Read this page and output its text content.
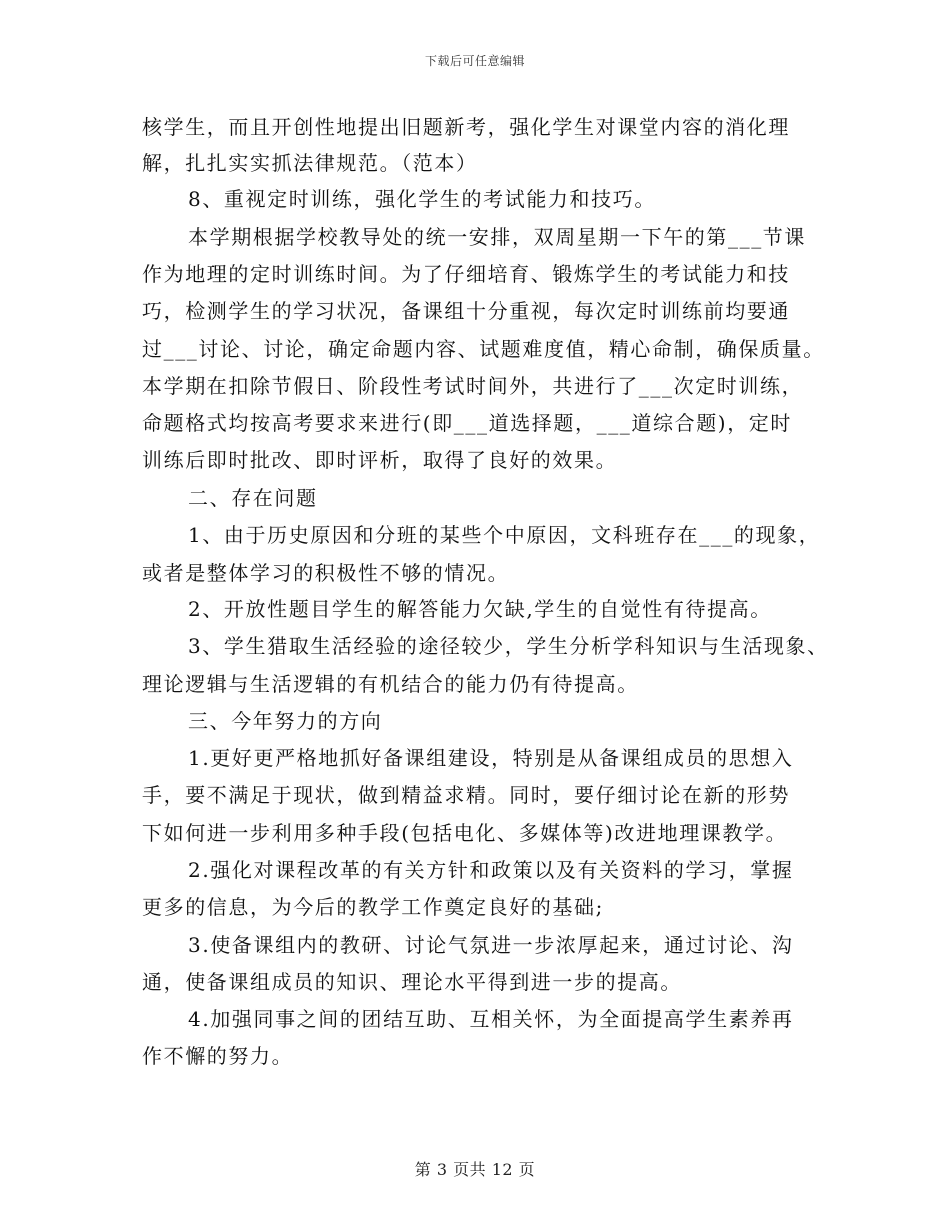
下载后可任意编辑
核学生，而且开创性地提出旧题新考，强化学生对课堂内容的消化理
解，扎扎实实抓法律规范。（范本）
8、重视定时训练，强化学生的考试能力和技巧。
本学期根据学校教导处的统一安排，双周星期一下午的第___节课
作为地理的定时训练时间。为了仔细培育、锻炼学生的考试能力和技
巧，检测学生的学习状况，备课组十分重视，每次定时训练前均要通
过___讨论、讨论，确定命题内容、试题难度值，精心命制，确保质量。
本学期在扣除节假日、阶段性考试时间外，共进行了___次定时训练，
命题格式均按高考要求来进行(即___道选择题，___道综合题)，定时
训练后即时批改、即时评析，取得了良好的效果。
二、存在问题
1、由于历史原因和分班的某些个中原因，文科班存在___的现象，
或者是整体学习的积极性不够的情况。
2、开放性题目学生的解答能力欠缺,学生的自觉性有待提高。
3、学生猎取生活经验的途径较少，学生分析学科知识与生活现象、
理论逻辑与生活逻辑的有机结合的能力仍有待提高。
三、今年努力的方向
1.更好更严格地抓好备课组建设，特别是从备课组成员的思想入
手，要不满足于现状，做到精益求精。同时，要仔细讨论在新的形势
下如何进一步利用多种手段(包括电化、多媒体等)改进地理课教学。
2.强化对课程改革的有关方针和政策以及有关资料的学习，掌握
更多的信息，为今后的教学工作奠定良好的基础;
3.使备课组内的教研、讨论气氛进一步浓厚起来，通过讨论、沟
通，使备课组成员的知识、理论水平得到进一步的提高。
4.加强同事之间的团结互助、互相关怀，为全面提高学生素养再
作不懈的努力。
第 3 页共 12 页
